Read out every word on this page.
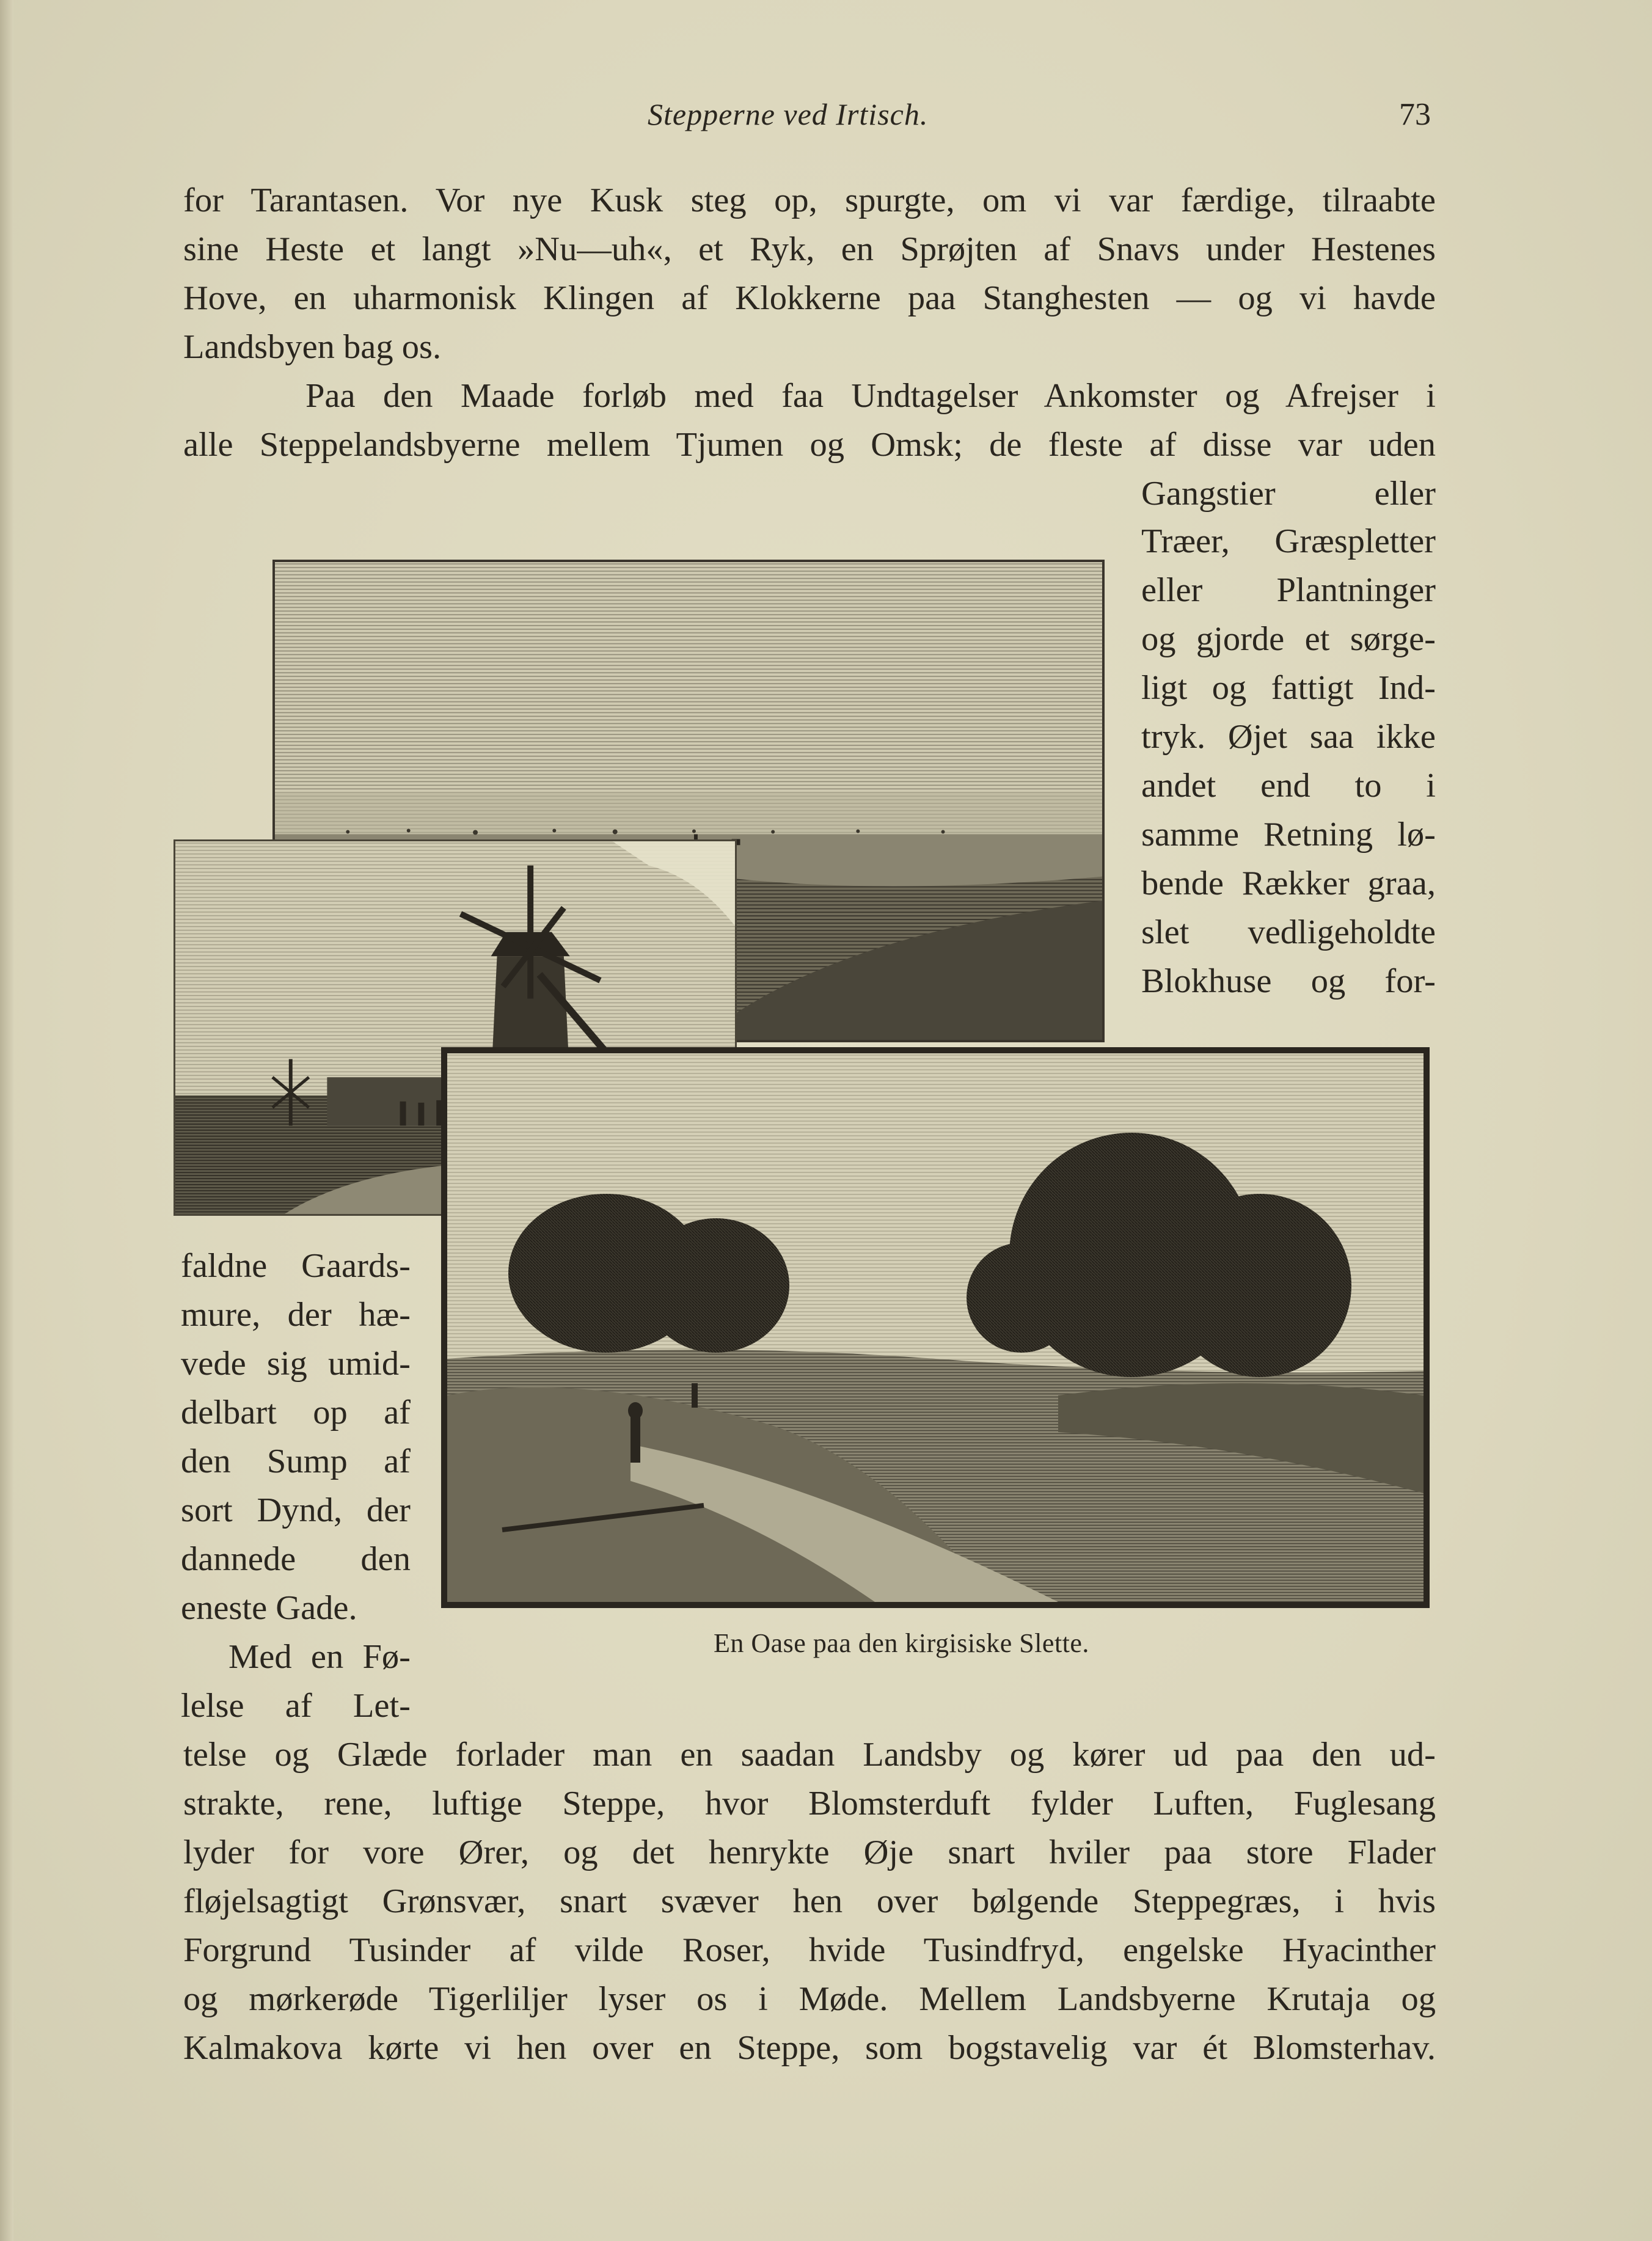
Stepperne ved Irtisch.	73
for Tarantasen. Vor nye Kusk steg op, spurgte, om vi var færdige, tilraabte
sine Heste et langt »Nu—uh«, et Ryk, en Sprøjten af Snavs under Hestenes
Hove, en uharmonisk Klingen af Klokkerne paa Stanghesten — og vi havde
Landsbyen bag os.
Paa den Maade forløb med faa Undtagelser Ankomster og Afrejser i
alle Steppelandsbyerne mellem Tjumen og Omsk; de fleste af disse var uden
Gangstier eller
Træer, Græspletter
eller Plantninger
og gjorde et sørge-
ligt og fattigt Ind-
tryk. Øjet saa ikke
andet end to i
samme Retning lø-
bende Rækker graa,
slet vedligeholdte
Blokhuse og for-
faldne Gaards-
mure, der hæ-
vede sig umid-
delbart op af
den Sump af
sort Dynd, der
dannede den
eneste Gade.
Med en Fø-
lelse af Let-
telse og Glæde forlader man en saadan Landsby og kører ud paa den ud-
strakte, rene, luftige Steppe, hvor Blomsterduft fylder Luften, Fuglesang
lyder for vore Ører, og det henrykte Øje snart hviler paa store Flader
fløjelsagtigt Grønsvær, snart svæver hen over bølgende Steppegræs, i hvis
Forgrund Tusinder af vilde Roser, hvide Tusindfryd, engelske Hyacinther
og mørkerøde Tigerliljer lyser os i Møde. Mellem Landsbyerne Krutaja og
Kalmakova kørte vi hen over en Steppe, som bogstavelig var ét Blomsterhav.
En Oase paa den kirgisiske Slette.
